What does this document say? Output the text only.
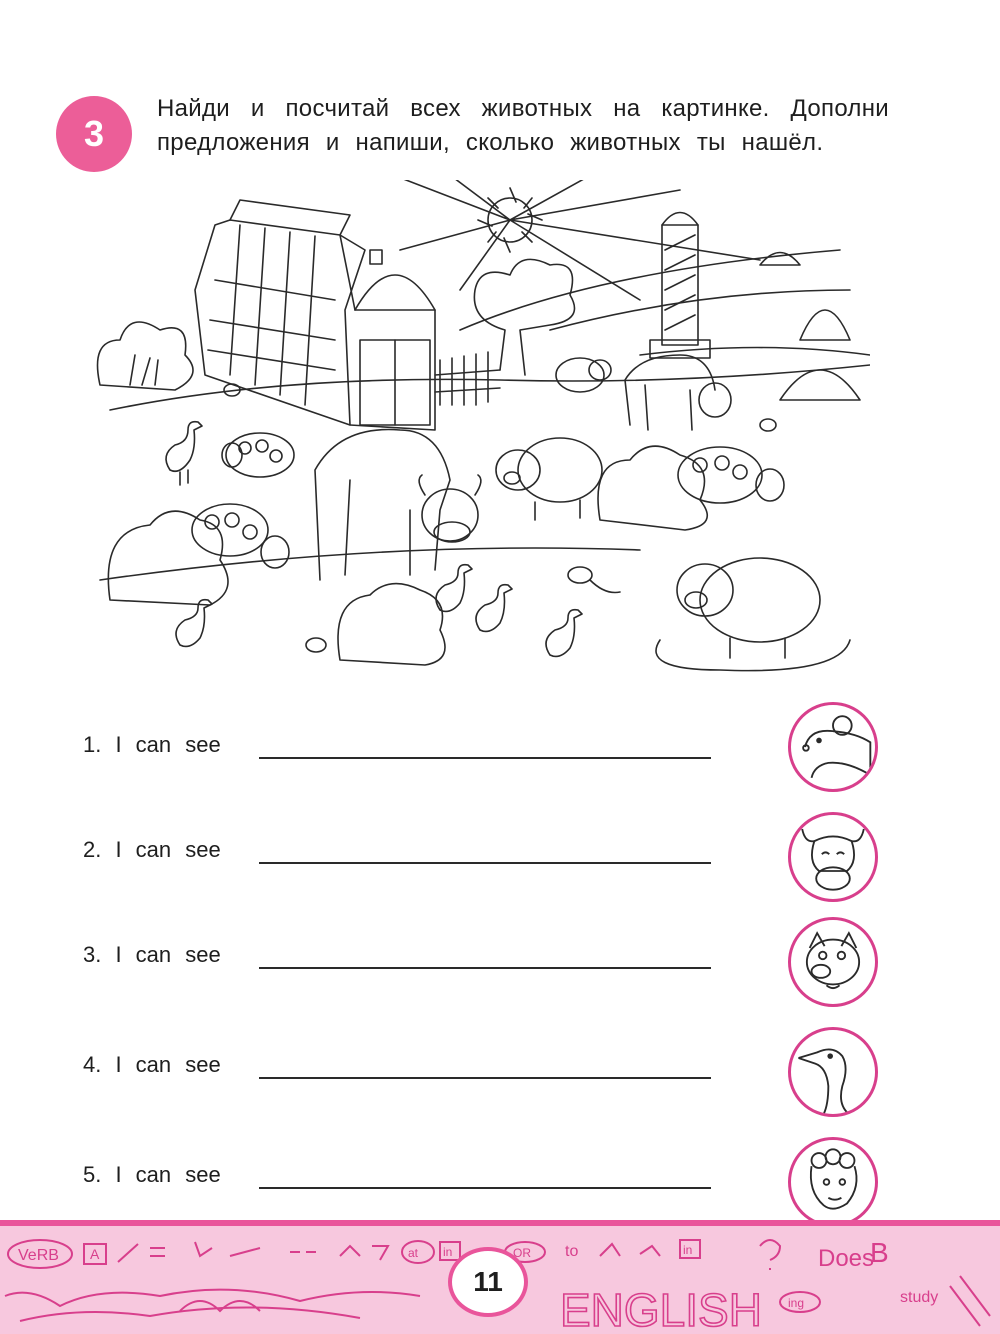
3
Найди и посчитай всех животных на картинке. Дополни
предложения и напиши, сколько животных ты нашёл.
1. I can see
2. I can see
3. I can see
4. I can see
5. I can see
VeRB A	at in	OR to	in	Does
B
study
ENGLISH ing
11
